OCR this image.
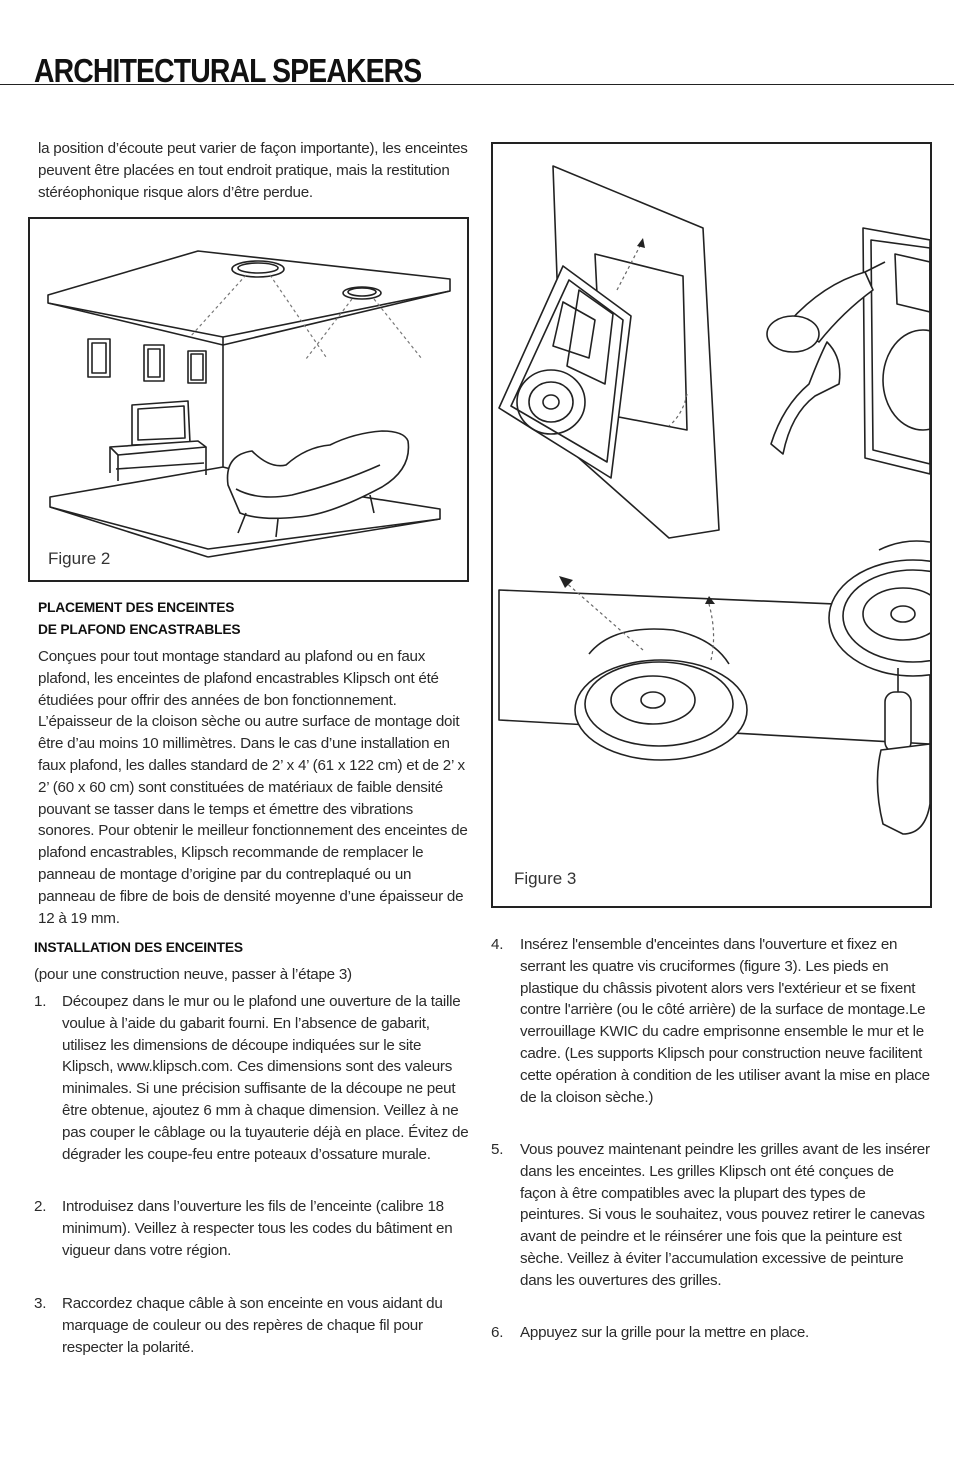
ARCHITECTURAL SPEAKERS
la position d’écoute peut varier de façon importante), les enceintes peuvent être placées en tout endroit pratique, mais la restitution stéréophonique risque alors d’être perdue.
Figure 2
Figure 3
PLACEMENT DES ENCEINTES
DE PLAFOND ENCASTRABLES
Conçues pour tout montage standard au plafond ou en faux plafond, les enceintes de plafond encastrables Klipsch ont été étudiées pour offrir des années de bon fonctionnement. L’épaisseur de la cloison sèche ou autre surface de montage doit être d’au moins 10 millimètres. Dans le cas d’une installation en faux plafond, les dalles standard de 2’ x 4’ (61 x 122 cm) et de 2’ x 2’ (60 x 60 cm) sont constituées de matériaux de faible densité pouvant se tasser dans le temps et émettre des vibrations sonores. Pour obtenir le meilleur fonctionnement des enceintes de plafond encastrables, Klipsch recommande de remplacer le panneau de montage d’origine par du contreplaqué ou un panneau de fibre de bois de densité moyenne d’une épaisseur de 12 à 19 mm.
INSTALLATION DES ENCEINTES
(pour une construction neuve, passer à l’étape 3)
1. Découpez dans le mur ou le plafond une ouverture de la taille voulue à l’aide du gabarit fourni. En l’absence de gabarit, utilisez les dimensions de découpe indiquées sur le site Klipsch, www.klipsch.com. Ces dimensions sont des valeurs minimales. Si une précision suffisante de la découpe ne peut être obtenue, ajoutez 6 mm à chaque dimension. Veillez à ne pas couper le câblage ou la tuyauterie déjà en place. Évitez de dégrader les coupe-feu entre poteaux d’ossature murale.
2. Introduisez dans l’ouverture les fils de l’enceinte (calibre 18 minimum). Veillez à respecter tous les codes du bâtiment en vigueur dans votre région.
3. Raccordez chaque câble à son enceinte en vous aidant du marquage de couleur ou des repères de chaque fil pour respecter la polarité.
4. Insérez l'ensemble d'enceintes dans l'ouverture et fixez en serrant les quatre vis cruciformes (figure 3). Les pieds en plastique du châssis pivotent alors vers l'extérieur et se fixent contre l'arrière (ou le côté arrière) de la surface de montage.Le verrouillage KWIC du cadre emprisonne ensemble le mur et le cadre. (Les supports Klipsch pour construction neuve facilitent cette opération à condition de les utiliser avant la mise en place de la cloison sèche.)
5. Vous pouvez maintenant peindre les grilles avant de les insérer dans les enceintes. Les grilles Klipsch ont été conçues de façon à être compatibles avec la plupart des types de peintures. Si vous le souhaitez, vous pouvez retirer le canevas avant de peindre et le réinsérer une fois que la peinture est sèche. Veillez à éviter l’accumulation excessive de peinture dans les ouvertures des grilles.
6. Appuyez sur la grille pour la mettre en place.
